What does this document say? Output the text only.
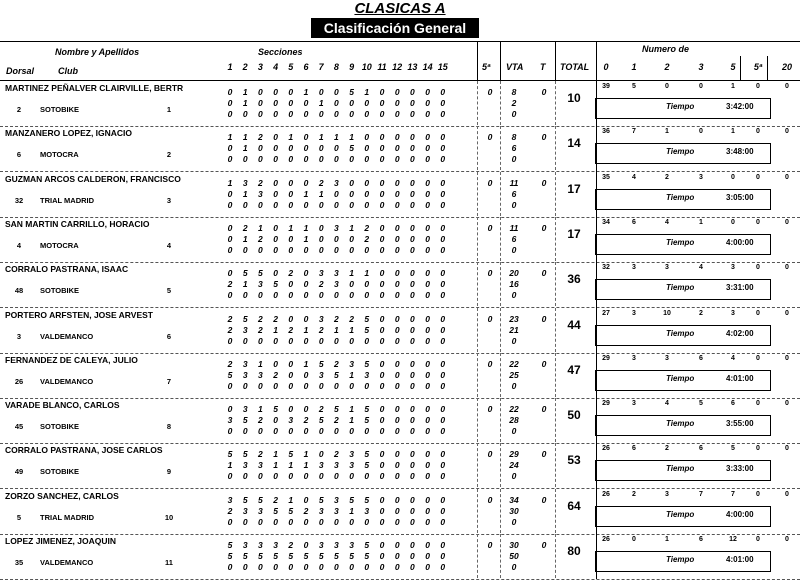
CLASICAS A
Clasificación General
Nombre y Apellidos
Dorsal	Club
Secciones
5ª VTA T TOTAL
Numero de
1	2	3	4	5	6	7	8	9 10 11 12 13 14 15	0	1	2	3	5	5ª	20
MARTINEZ PEÑALVER CLAIRVILLE, BERTR
2	SOTOBIKE	1
0	1	0	0	0	1	0	0	5	1	0	0	0	0	0	8
0	1	0	0	0	0	1	0	0	0	0	0	0	0	0	2
0	0	0	0	0	0	0	0	0	0	0	0	0	0	0	0
0	0	10
39	5	0	0	1	0	0
Tiempo	3:42:00
MANZANERO LOPEZ, IGNACIO
6	MOTOCRA	2
1	1	2	0	1	0	1	1	1	0	0	0	0	0	0	8
0	1	0	0	0	0	0	0	5	0	0	0	0	0	0	6
0	0	0	0	0	0	0	0	0	0	0	0	0	0	0	0
0	0	14
36	7	1	0	1	0	0
Tiempo	3:48:00
GUZMAN ARCOS CALDERON, FRANCISCO
32	TRIAL MADRID	3
1	3	2	0	0	0	2	3	0	0	0	0	0	0	0	11
0	1	3	0	0	1	1	0	0	0	0	0	0	0	0	6
0	0	0	0	0	0	0	0	0	0	0	0	0	0	0	0
0	0	17
35	4	2	3	0	0	0
Tiempo	3:05:00
SAN MARTIN CARRILLO, HORACIO
4	MOTOCRA	4
0	2	1	0	1	1	0	3	1	2	0	0	0	0	0	11
0	1	2	0	0	1	0	0	0	2	0	0	0	0	0	6
0	0	0	0	0	0	0	0	0	0	0	0	0	0	0	0
0	0	17
34	6	4	1	0	0	0
Tiempo	4:00:00
CORRALO PASTRANA, ISAAC
48	SOTOBIKE	5
0	5	5	0	2	0	3	3	1	1	0	0	0	0	0	20
2	1	3	5	0	0	2	3	0	0	0	0	0	0	0	16
0	0	0	0	0	0	0	0	0	0	0	0	0	0	0	0
0	0	36
32	3	3	4	3	0	0
Tiempo	3:31:00
PORTERO ARFSTEN, JOSE ARVEST
3	VALDEMANCO	6
2	5	2	2	0	0	3	2	2	5	0	0	0	0	0	23
2	3	2	1	2	1	2	1	1	5	0	0	0	0	0	21
0	0	0	0	0	0	0	0	0	0	0	0	0	0	0	0
0	0	44
27	3	10	2	3	0	0
Tiempo	4:02:00
FERNANDEZ DE CALEYA, JULIO
26	VALDEMANCO	7
2	3	1	0	0	1	5	2	3	5	0	0	0	0	0	22
5	3	3	2	0	0	3	5	1	3	0	0	0	0	0	25
0	0	0	0	0	0	0	0	0	0	0	0	0	0	0	0
0	0	47
29	3	3	6	4	0	0
Tiempo	4:01:00
VARADE BLANCO, CARLOS
45	SOTOBIKE	8
0	3	1	5	0	0	2	5	1	5	0	0	0	0	0	22
3	5	2	0	3	2	5	2	1	5	0	0	0	0	0	28
0	0	0	0	0	0	0	0	0	0	0	0	0	0	0	0
0	0	50
29	3	4	5	6	0	0
Tiempo	3:55:00
CORRALO PASTRANA, JOSE CARLOS
49	SOTOBIKE	9
5	5	2	1	5	1	0	2	3	5	0	0	0	0	0	29
1	3	3	1	1	1	3	3	3	5	0	0	0	0	0	24
0	0	0	0	0	0	0	0	0	0	0	0	0	0	0	0
0	0	53
26	6	2	6	5	0	0
Tiempo	3:33:00
ZORZO SANCHEZ, CARLOS
5	TRIAL MADRID	10
3	5	5	2	1	0	5	3	5	5	0	0	0	0	0	34
2	3	3	5	5	2	3	3	1	3	0	0	0	0	0	30
0	0	0	0	0	0	0	0	0	0	0	0	0	0	0	0
0	0	64
26	2	3	7	7	0	0
Tiempo	4:00:00
LOPEZ JIMENEZ, JOAQUIN
35	VALDEMANCO	11
5	3	3	3	2	0	3	3	3	5	0	0	0	0	0	30
5	5	5	5	5	5	5	5	5	5	0	0	0	0	0	50
0	0	0	0	0	0	0	0	0	0	0	0	0	0	0	0
0	0	80
26	0	1	6	12	0	0
Tiempo	4:01:00
